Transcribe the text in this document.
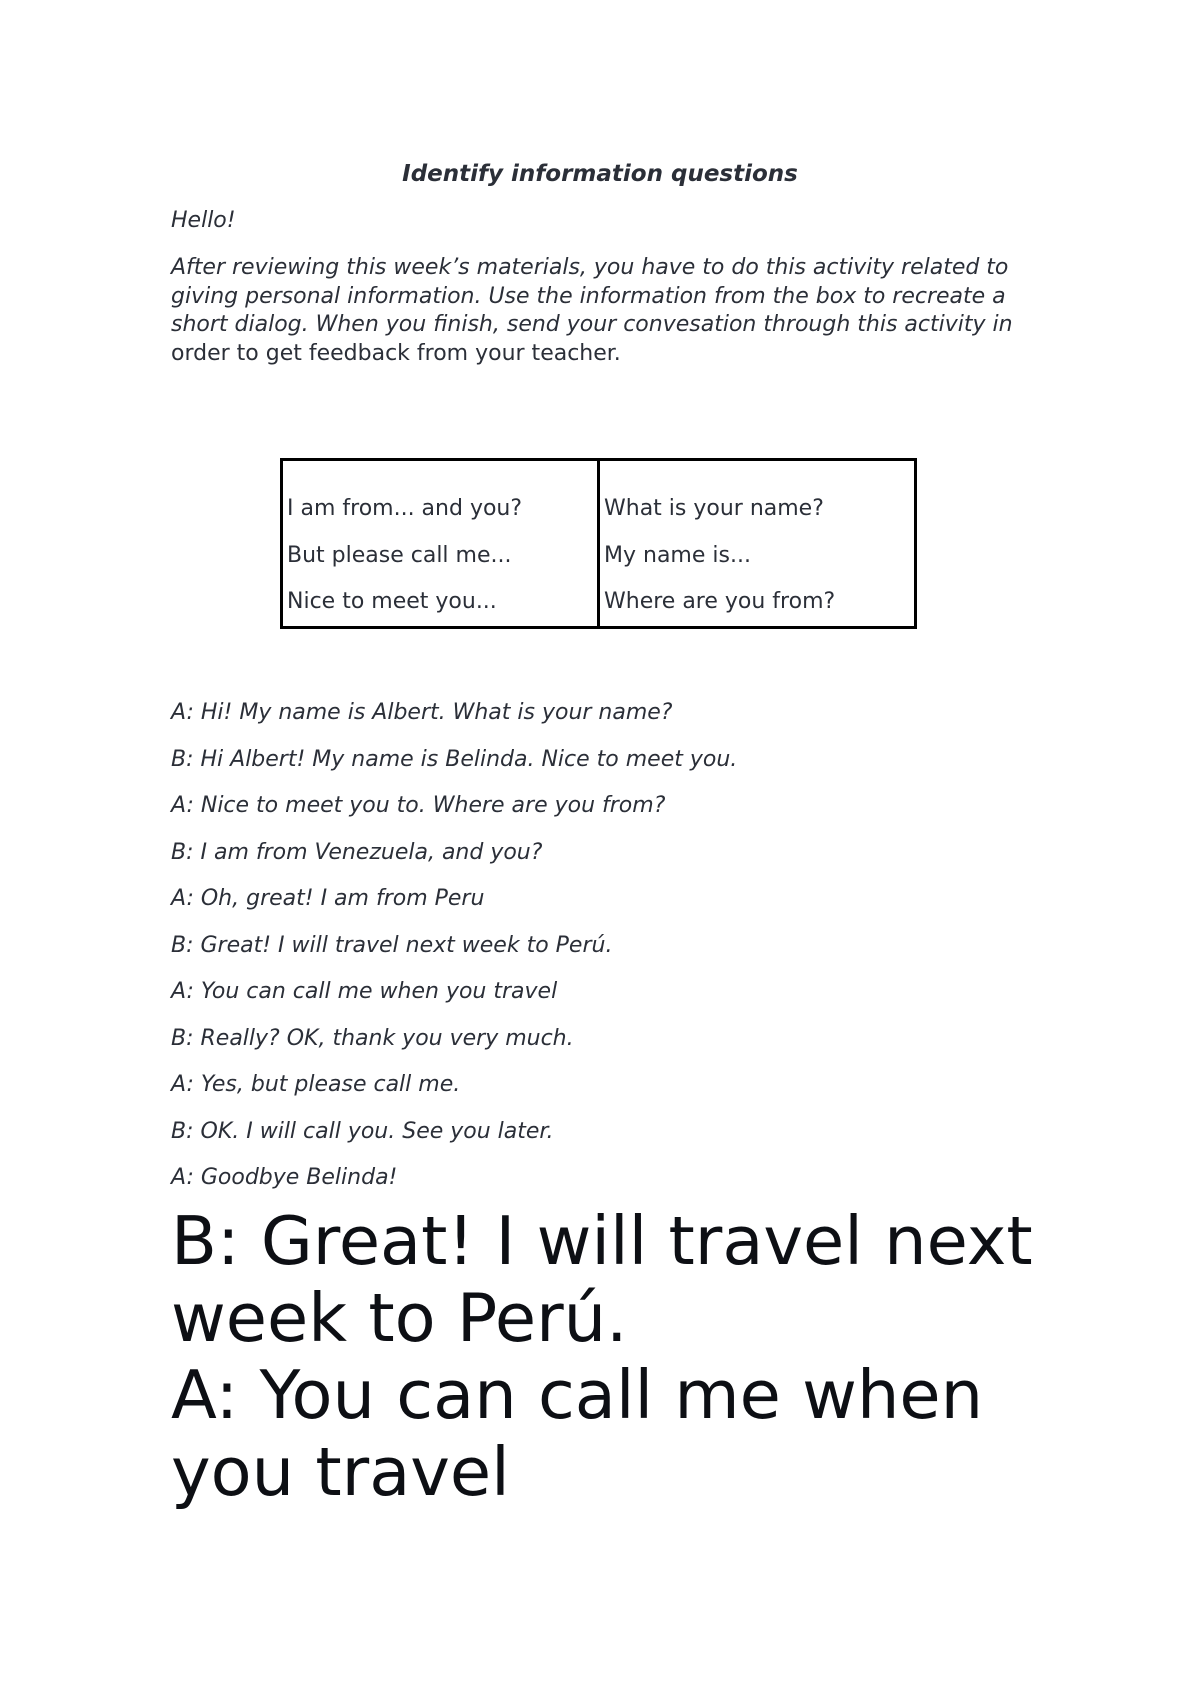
Identify information questions
Hello!
After reviewing this week’s materials, you have to do this activity related to giving personal information. Use the information from the box to recreate a short dialog. When you finish, send your convesation through this activity in order to get feedback from your teacher.
I am from... and you?
But please call me...
Nice to meet you...
What is your name?
My name is...
Where are you from?
A: Hi! My name is Albert. What is your name?
B: Hi Albert! My name is Belinda. Nice to meet you.
A: Nice to meet you to. Where are you from?
B: I am from Venezuela, and you?
A: Oh, great! I am from Peru
B: Great! I will travel next week to Perú.
A: You can call me when you travel
B: Really? OK, thank you very much.
A: Yes, but please call me.
B: OK. I will call you. See you later.
A: Goodbye Belinda!
B: Great! I will travel next week to Perú.
A: You can call me when you travel
